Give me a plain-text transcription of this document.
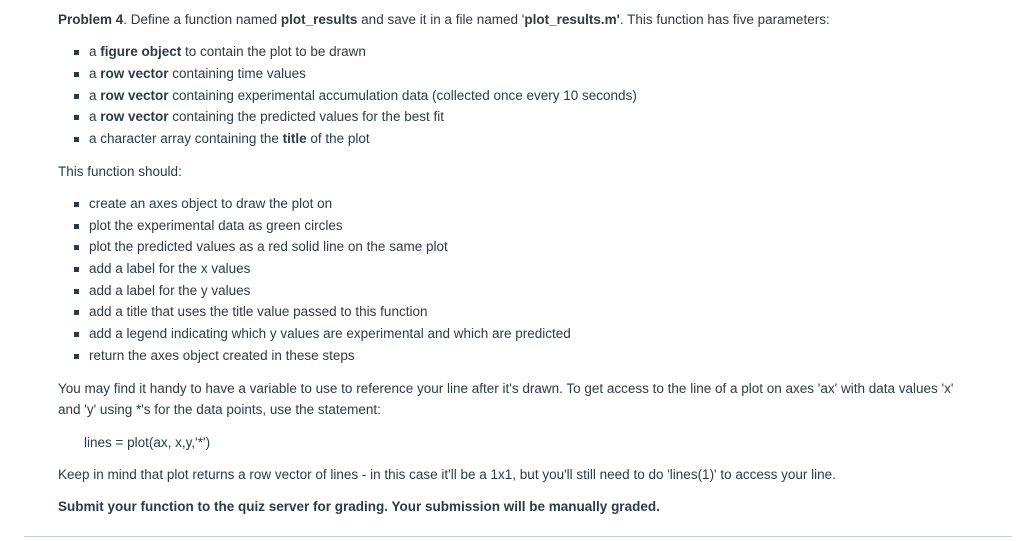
Problem 4. Define a function named plot_results and save it in a file named 'plot_results.m'. This function has five parameters:
a figure object to contain the plot to be drawn
a row vector containing time values
a row vector containing experimental accumulation data (collected once every 10 seconds)
a row vector containing the predicted values for the best fit
a character array containing the title of the plot
This function should:
create an axes object to draw the plot on
plot the experimental data as green circles
plot the predicted values as a red solid line on the same plot
add a label for the x values
add a label for the y values
add a title that uses the title value passed to this function
add a legend indicating which y values are experimental and which are predicted
return the axes object created in these steps
You may find it handy to have a variable to use to reference your line after it's drawn. To get access to the line of a plot on axes 'ax' with data values 'x'
and 'y' using *'s for the data points, use the statement:
lines = plot(ax, x,y,'*')
Keep in mind that plot returns a row vector of lines - in this case it'll be a 1x1, but you'll still need to do 'lines(1)' to access your line.
Submit your function to the quiz server for grading. Your submission will be manually graded.
